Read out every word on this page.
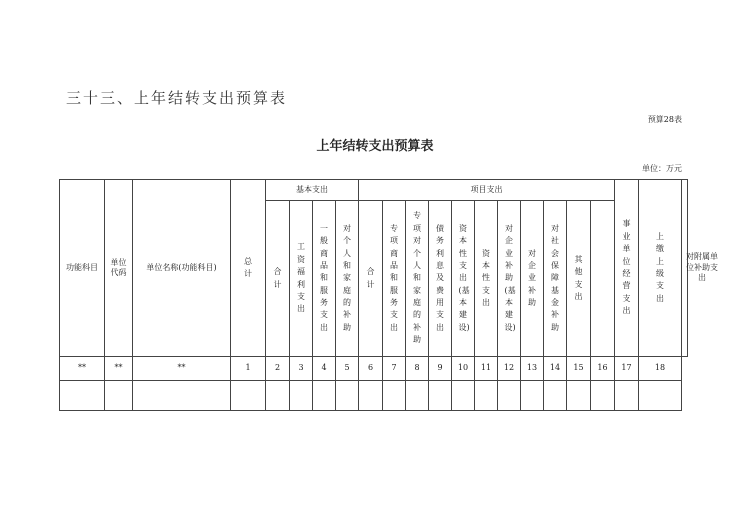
三十三、上年结转支出预算表
预算28表
上年结转支出预算表
单位：万元
功能科目	单位代码	单位名称(功能科目)	总计	基本支出				项目支出											事业单位经营支出	上缴上级支出	对附属单位补助支出
				合计	工资福利支出	一般商品和服务支出	对个人和家庭的补助	合计	专项商品和服务支出	专项对个人和家庭的补助	债务利息及费用支出	资本性支出(基本建设)	资本性支出	对企业补助(基本建设)	对企业补助	对社会保障基金补助	其他支出				
**	**	**	1	2	3	4	5	6	7	8	9	10	11	12	13	14	15	16	17	18	
